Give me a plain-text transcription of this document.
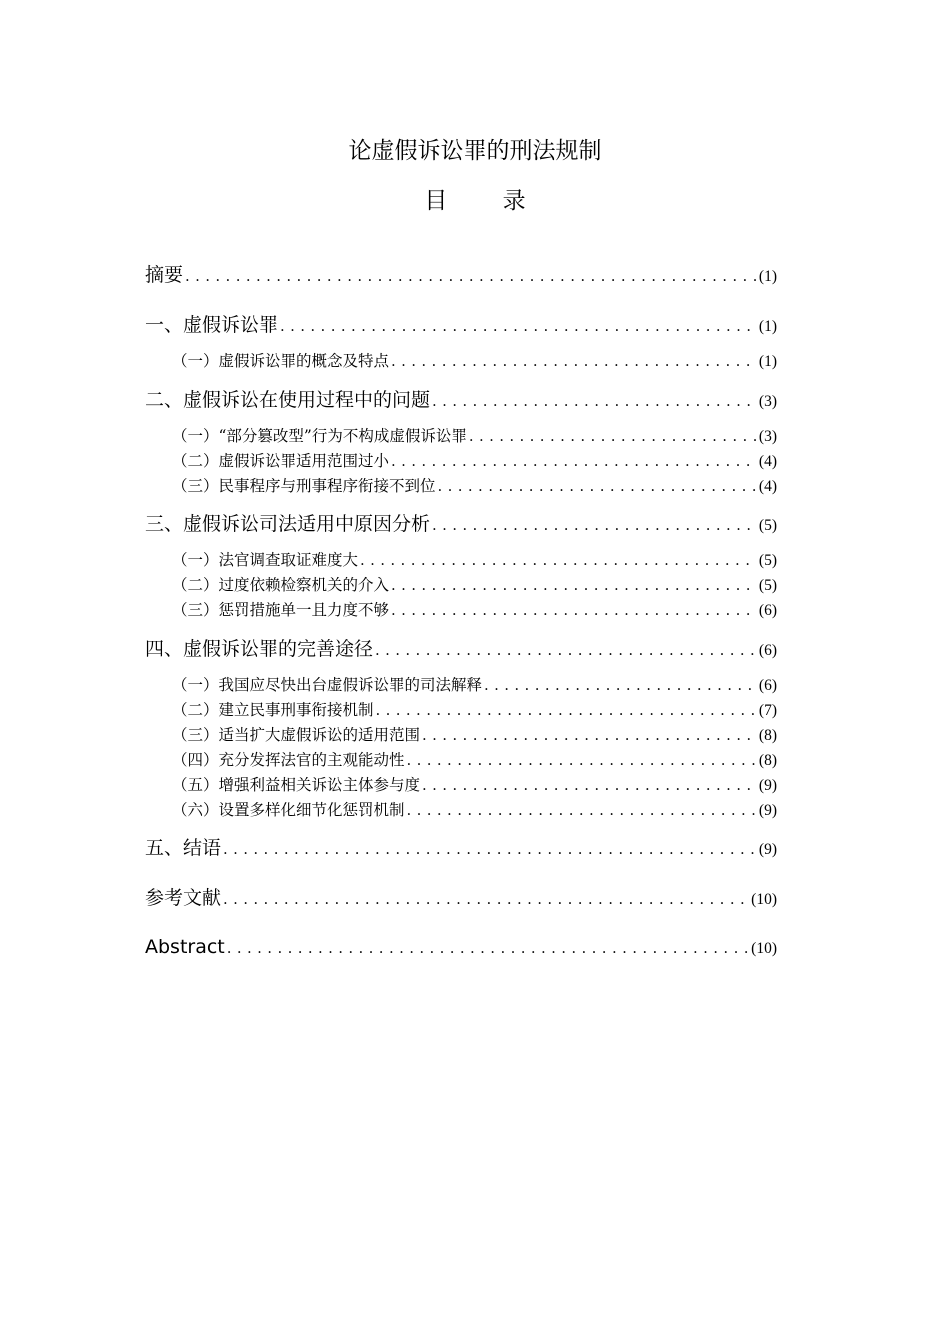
论虚假诉讼罪的刑法规制
目 录
摘要 . . .	(1)
一、虚假诉讼罪 . . .	(1)
（一）虚假诉讼罪的概念及特点 . . .	(1)
二、虚假诉讼在使用过程中的问题 . . .	(3)
（一）“部分篡改型”行为不构成虚假诉讼罪 . . .	(3)
（二）虚假诉讼罪适用范围过小 . . .	(4)
（三）民事程序与刑事程序衔接不到位 . . .	(4)
三、虚假诉讼司法适用中原因分析 . . .	(5)
（一）法官调查取证难度大 . . .	(5)
（二）过度依赖检察机关的介入 . . .	(5)
（三）惩罚措施单一且力度不够 . . .	(6)
四、虚假诉讼罪的完善途径 . . .	(6)
（一）我国应尽快出台虚假诉讼罪的司法解释 . . .	(6)
（二）建立民事刑事衔接机制 . . .	(7)
（三）适当扩大虚假诉讼的适用范围 . . .	(8)
（四）充分发挥法官的主观能动性 . . .	(8)
（五）增强利益相关诉讼主体参与度 . . .	(9)
（六）设置多样化细节化惩罚机制 . . .	(9)
五、结语 . . .	(9)
参考文献 . . .	(10)
Abstract . . .	(10)
